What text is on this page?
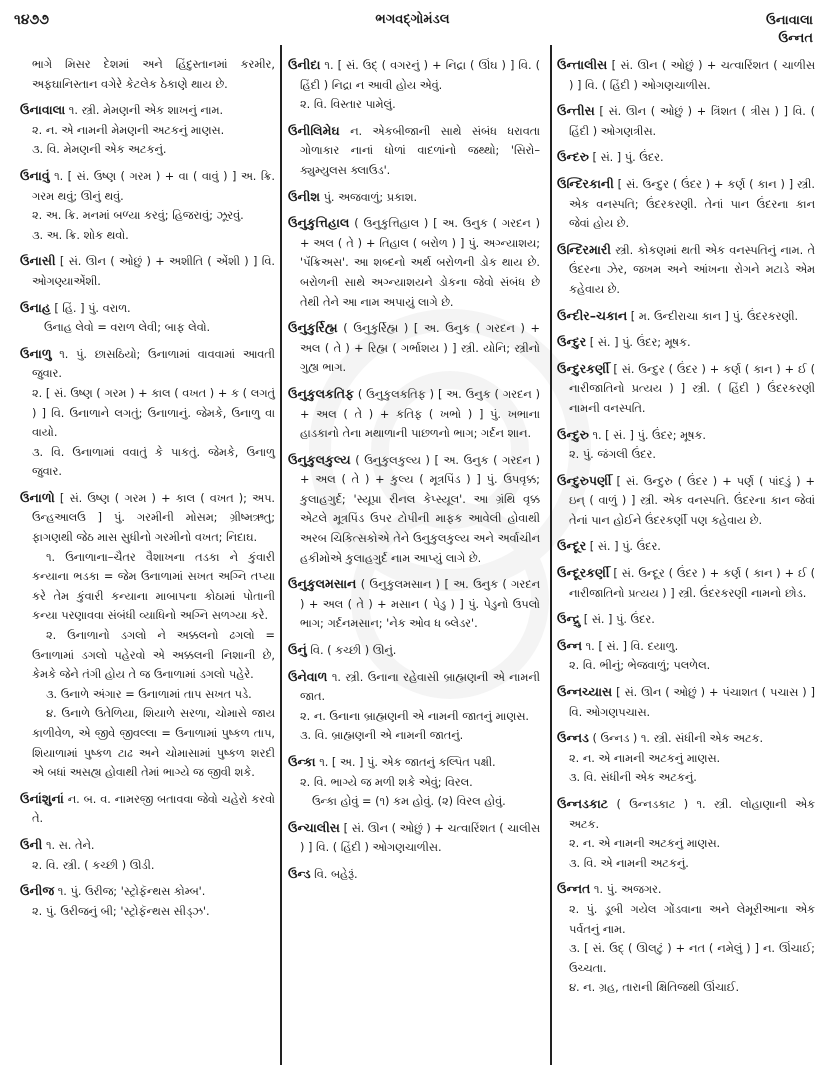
૧૪૭૭	ભગવદ્ગોમંડલ	ઉનાવાલા
ઉન્નત
ભાગે મિસર દેશમાં અને હિંદુસ્તાનમાં કરમીર, અફઘાનિસ્તાન વગેરે કેટલેક ઠેકાણે થાય છે.
ઉનાવાલા ૧. સ્ત્રી. મેમણની એક શાખનું નામ.
૨. ન. એ નામની મેમણની અટકનું માણસ.
૩. વિ. મેમણની એક અટકનું.
ઉનાવું ૧. [ સં. ઉષ્ણ ( ગરમ ) + વા ( વાવું ) ] અ. ક્રિ. ગરમ થવું; ઊનું થવું.
૨. અ. ક્રિ. મનમાં બળ્યા કરવું; હિજરાવું; ઝૂરવું.
૩. અ. ક્રિ. શોક થવો.
ઉનાસી [ સં. ઊન ( ઓછું ) + અશીતિ ( એંશી ) ] વિ. ઓગણ્યાએંશી.
ઉનાહ [ હિં. ] પું. વરાળ.
ઉનાહ લેવો = વરાળ લેવી; બાફ લેવો.
ઉનાળુ ૧. પું. છાસઠિયો; ઉનાળામાં વાવવામાં આવતી જુવાર.
૨. [ સં. ઉષ્ણ ( ગરમ ) + કાલ ( વખત ) + ક ( લગતું ) ] વિ. ઉનાળાને લગતું; ઉનાળાનું. જેમકે, ઉનાળુ વા વાયો.
૩. વિ. ઉનાળામાં વવાતું કે પાકતું. જેમકે, ઉનાળુ જુવાર.
ઉનાળો [ સં. ઉષ્ણ ( ગરમ ) + કાલ ( વખત ); અપ. ઉન્હઆલઉ ] પું. ગરમીની મોસમ; ગ્રીષ્મઋતુ; ફાગણથી જેઠ માસ સુધીનો ગરમીનો વખત; નિદાઘ.
૧. ઉનાળાના–ચૈતર વૈશાખના તડકા ને કુંવારી કન્યાના ભડકા = જેમ ઉનાળામાં સખત અગ્નિ તપ્યા કરે તેમ કુંવારી કન્યાના માબાપના કોઠામાં પોતાની કન્યા પરણાવવા સંબંધી વ્યાધિનો અગ્નિ સળગ્યા કરે.
૨. ઉનાળાનો ડગલો ને અક્કલનો ઢગલો = ઉનાળામાં ડગલો પહેરવો એ અક્કલની નિશાની છે, કેમકે જેને તંગી હોય તે જ ઉનાળામાં ડગલો પહેરે.
૩. ઉનાળે અંગાર = ઉનાળામાં તાપ સખત પડે.
૪. ઉનાળે ઉતેળિયા, શિયાળે સરળા, ચોમાસે જાય કાળીવેળ, એ જીવે જીવલ્લા = ઉનાળામાં પુષ્કળ તાપ, શિયાળામાં પુષ્કળ ટાઢ અને ચોમાસામાં પુષ્કળ શરદી એ બધાં અસહ્ય હોવાથી તેમાં ભાગ્યે જ જીવી શકે.
ઉનાંશુનાં ન. બ. વ. નામરજી બતાવવા જેવો ચહેરો કરવો તે.
ઉની ૧. સ. તેને.
૨. વિ. સ્ત્રી. ( કચ્છી ) ઊડી.
ઉનીજ ૧. પું. ઉરીજ; 'સ્ટ્રોફૅન્થસ કોમ્બ'.
૨. પું. ઉરીજનું બી; 'સ્ટ્રોફૅન્થસ સીડ્ઝ'.
ઉનીદા ૧. [ સં. ઉદ્ ( વગરનું ) + નિદ્રા ( ઊંઘ ) ] વિ. ( હિંદી ) નિદ્રા ન આવી હોય એવું.
૨. વિ. વિસ્તાર પામેલું.
ઉનીલિમેઘ ન. એકબીજાની સાથે સંબંધ ધરાવતા ગોળાકાર નાનાં ધોળાં વાદળાંનો જથ્થો; 'સિરો–ક્યુમ્યુલસ ક્લાઉડ'.
ઉનીશ પું. અજવાળું; પ્રકાશ.
ઉનુકુત્તિહાલ ( ઉનુકુત્તિહાલ ) [ અ. ઉનુક ( ગરદન ) + અલ ( તે ) + તિહાલ ( બરોળ ) ] પું. અગ્ન્યાશય; 'પૅંક્રિઅસ'. આ શબ્દનો અર્થ બરોળની ડોક થાય છે. બરોળની સાથે અગ્ન્યાશયને ડોકના જેવો સંબંધ છે તેથી તેને આ નામ અપાયું લાગે છે.
ઉનુકુર્રિહ્મ ( ઉનુકુર્રિહ્મ ) [ અ. ઉનુક ( ગરદન ) + અલ ( તે ) + રિહ્મ ( ગર્ભાશય ) ] સ્ત્રી. યોનિ; સ્ત્રીનો ગુહ્ય ભાગ.
ઉનુકુલકતિફ ( ઉનુકુલકતિફ ) [ અ. ઉનુક ( ગરદન ) + અલ ( તે ) + કતિફ ( ખભો ) ] પું. ખભાના હાડકાનો તેના મથાળાની પાછળનો ભાગ; ગર્દન શાન.
ઉનુકુલકુલ્ય ( ઉનુકુલકુલ્ય ) [ અ. ઉનુક ( ગરદન ) + અલ ( તે ) + કુલ્ય ( મૂત્રપિંડ ) ] પું. ઉપવૃક્ક; કુલાહગુર્દ; 'સ્યૂપ્રા રીનલ કેપ્સ્યૂલ'. આ ગ્રંથિ વૃક્ક એટલે મૂત્રપિંડ ઉપર ટોપીની માફક આવેલી હોવાથી અરબ ચિકિત્સકોએ તેને ઉનુકુલકુલ્ય અને અર્વાચીન હકીમોએ કુલાહગુર્દ નામ આપ્યું લાગે છે.
ઉનુકુલમસાન ( ઉનુકુલમસાન ) [ અ. ઉનુક ( ગરદન ) + અલ ( તે ) + મસાન ( પેડુ ) ] પું. પેડુનો ઉપલો ભાગ; ગર્દનમસાન; 'નેક ઓવ ધ બ્લેડર'.
ઉનું વિ. ( કચ્છી ) ઊનું.
ઉનેવાળ ૧. સ્ત્રી. ઉનાના રહેવાસી બ્રાહ્મણની એ નામની જાત.
૨. ન. ઉનાના બ્રાહ્મણની એ નામની જાતનું માણસ.
૩. વિ. બ્રાહ્મણની એ નામની જાતનું.
ઉન્કા ૧. [ અ. ] પું. એક જાતનું કલ્પિત પક્ષી.
૨. વિ. ભાગ્યે જ મળી શકે એવું; વિરલ.
ઉન્કા હોવું = (૧) કમ હોવું. (૨) વિરલ હોવું.
ઉન્ચાલીસ [ સં. ઊન ( ઓછું ) + ચત્વારિંશત ( ચાલીસ ) ] વિ. ( હિંદી ) ઓગણચાળીસ.
ઉન્ડ વિ. બહેરૂં.
ઉન્તાલીસ [ સં. ઊન ( ઓછું ) + ચત્વારિંશત ( ચાળીસ ) ] વિ. ( હિંદી ) ઓગણચાળીસ.
ઉન્તીસ [ સં. ઊન ( ઓછું ) + ત્રિંશત ( ત્રીસ ) ] વિ. ( હિંદી ) ઓગણત્રીસ.
ઉન્દરુ [ સં. ] પું. ઉંદર.
ઉન્દિરકાની [ સં. ઉન્દુર ( ઉંદર ) + કર્ણ ( કાન ) ] સ્ત્રી. એક વનસ્પતિ; ઉંદરકરણી. તેનાં પાન ઉંદરના કાન જેવાં હોય છે.
ઉન્દિરમારી સ્ત્રી. કોકણમાં થતી એક વનસ્પતિનું નામ. તે ઉંદરના ઝેર, જખમ અને આંખના રોગને મટાડે એમ કહેવાય છે.
ઉન્દીર–ચકાન [ મ. ઉન્દીરાચા કાન ] પું. ઉંદરકરણી.
ઉન્દુર [ સં. ] પું. ઉંદર; મૂષક.
ઉન્દુરકર્ણી [ સં. ઉન્દુર ( ઉંદર ) + કર્ણ ( કાન ) + ઈ ( નારીજાતિનો પ્રત્યય ) ] સ્ત્રી. ( હિંદી ) ઉંદરકરણી નામની વનસ્પતિ.
ઉન્દુરુ ૧. [ સં. ] પું. ઉંદર; મૂષક.
૨. પું. જંગલી ઉંદર.
ઉન્દુરુપર્ણી [ સં. ઉન્દુરુ ( ઉંદર ) + પર્ણ ( પાંદડું ) + ઇન્ ( વાળું ) ] સ્ત્રી. એક વનસ્પતિ. ઉંદરના કાન જેવાં તેનાં પાન હોઈને ઉંદરકર્ણી પણ કહેવાય છે.
ઉન્દૂર [ સં. ] પું. ઉંદર.
ઉન્દૂરકર્ણી [ સં. ઉન્દૂર ( ઉંદર ) + કર્ણ ( કાન ) + ઈ ( નારીજાતિનો પ્રત્યય ) ] સ્ત્રી. ઉંદરકરણી નામનો છોડ.
ઉન્દ્રુ [ સં. ] પું. ઉંદર.
ઉન્ન ૧. [ સં. ] વિ. દયાળુ.
૨. વિ. ભીનું; ભેજવાળું; પલળેલ.
ઉન્નચ્યાસ [ સં. ઊન ( ઓછું ) + પંચાશત ( પચાસ ) ] વિ. ઓગણપચાસ.
ઉન્નડ ( ઉન્નડ ) ૧. સ્ત્રી. સંધીની એક અટક.
૨. ન. એ નામની અટકનું માણસ.
૩. વિ. સંધીની એક અટકનું.
ઉન્નડકાટ ( ઉન્નડકાટ ) ૧. સ્ત્રી. લોહાણાની એક અટક.
૨. ન. એ નામની અટકનું માણસ.
૩. વિ. એ નામની અટકનું.
ઉન્નત ૧. પું. અજગર.
૨. પું. ડૂબી ગયેલ ગોંડવાના અને લેમૂરીઆના એક પર્વતનું નામ.
૩. [ સં. ઉદ્ ( ઊલટું ) + નત ( નમેલું ) ] ન. ઊંચાઈ; ઉચ્ચતા.
૪. ન. ગ્રહ, તારાની ક્ષિતિજથી ઊંચાઈ.
